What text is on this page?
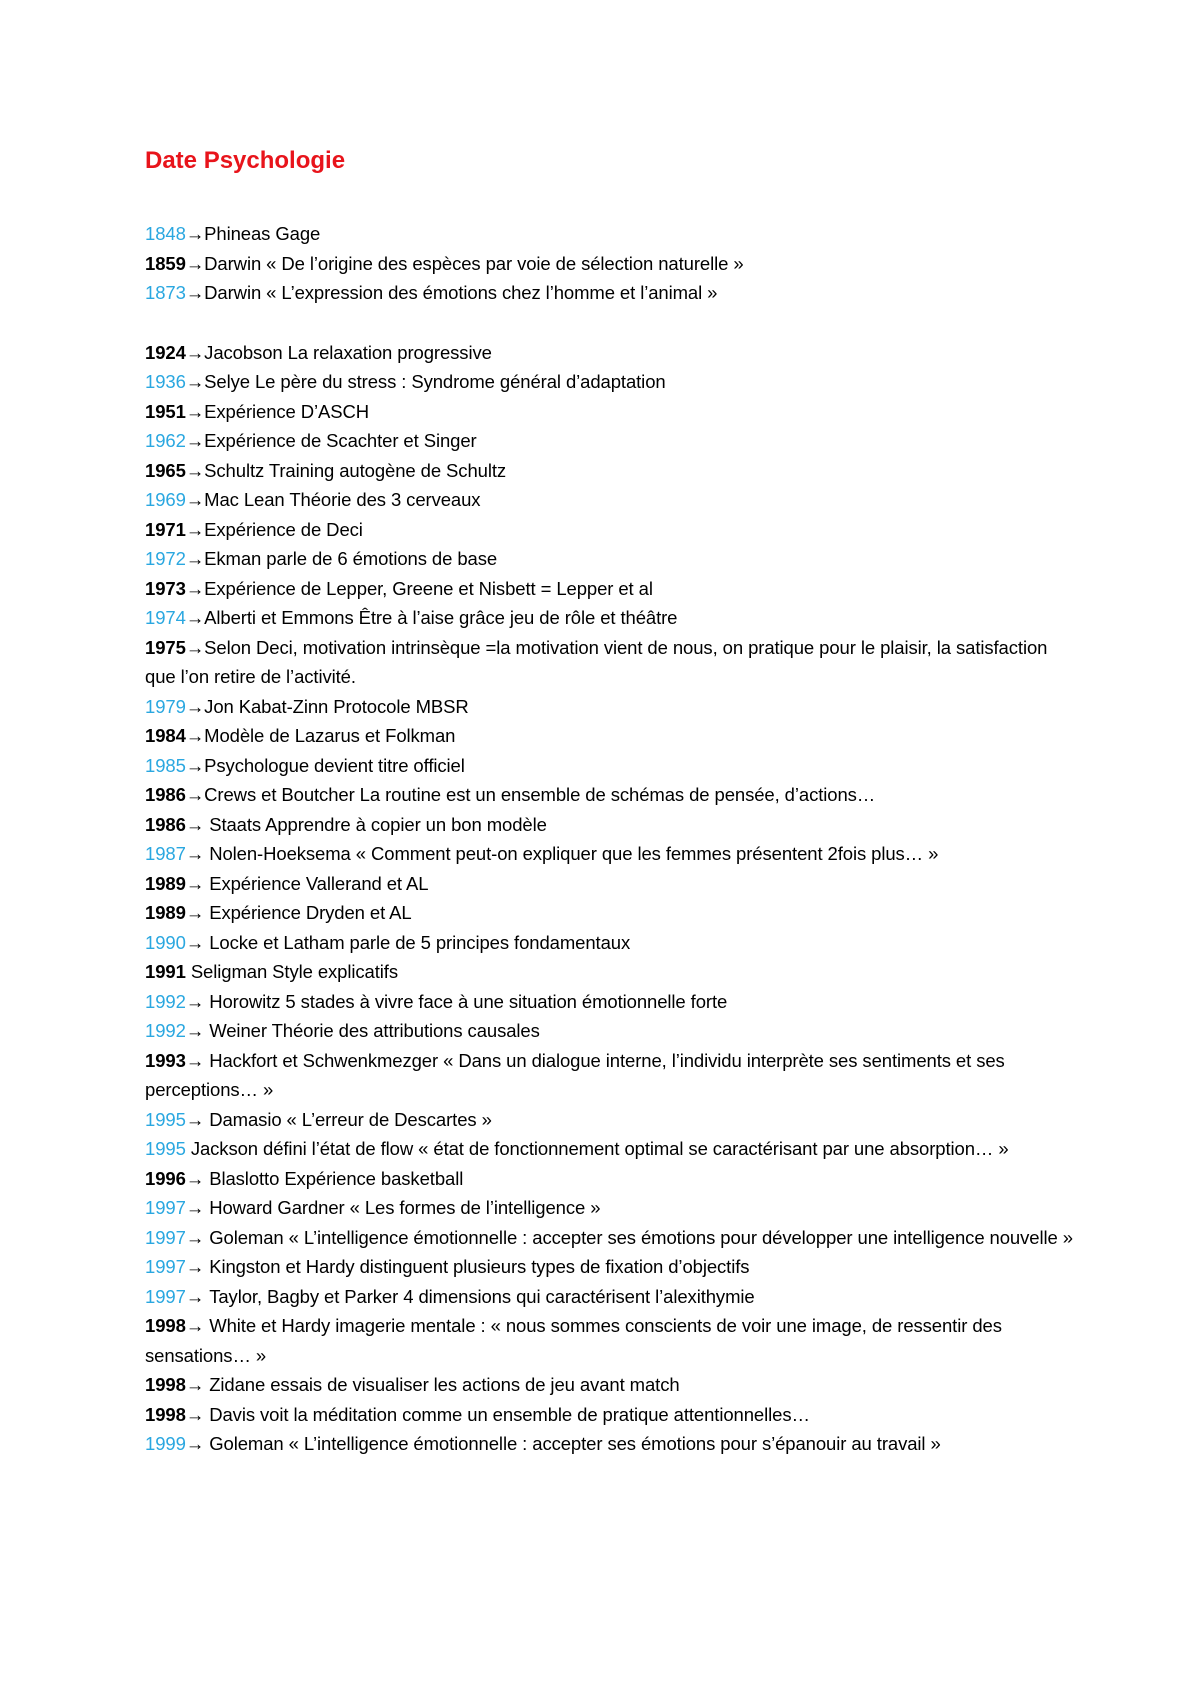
Date Psychologie
1848→Phineas Gage
1859→Darwin « De l’origine des espèces par voie de sélection naturelle »
1873→Darwin « L’expression des émotions chez l’homme et l’animal »
1924→Jacobson La relaxation progressive
1936→Selye Le père du stress : Syndrome général d’adaptation
1951→Expérience D’ASCH
1962→Expérience de Scachter et Singer
1965→Schultz Training autogène de Schultz
1969→Mac Lean Théorie des 3 cerveaux
1971→Expérience de Deci
1972→Ekman parle de 6 émotions de base
1973→Expérience de Lepper, Greene et Nisbett = Lepper et al
1974→Alberti et Emmons Être à l’aise grâce jeu de rôle et théâtre
1975→Selon Deci, motivation intrinsèque =la motivation vient de nous, on pratique pour le plaisir, la satisfaction que l’on retire de l’activité.
1979→Jon Kabat-Zinn Protocole MBSR
1984→Modèle de Lazarus et Folkman
1985→Psychologue devient titre officiel
1986→Crews et Boutcher La routine est un ensemble de schémas de pensée, d’actions…
1986→ Staats Apprendre à copier un bon modèle
1987→ Nolen-Hoeksema « Comment peut-on expliquer que les femmes présentent 2fois plus… »
1989→ Expérience Vallerand et AL
1989→ Expérience Dryden et AL
1990→ Locke et Latham parle de 5 principes fondamentaux
1991 Seligman Style explicatifs
1992→ Horowitz 5 stades à vivre face à une situation émotionnelle forte
1992→ Weiner Théorie des attributions causales
1993→ Hackfort et Schwenkmezger « Dans un dialogue interne, l’individu interprète ses sentiments et ses perceptions… »
1995→ Damasio « L’erreur de Descartes »
1995 Jackson défini l’état de flow « état de fonctionnement optimal se caractérisant par une absorption… »
1996→ Blaslotto Expérience basketball
1997→ Howard Gardner « Les formes de l’intelligence »
1997→ Goleman « L’intelligence émotionnelle : accepter ses émotions pour développer une intelligence nouvelle »
1997→ Kingston et Hardy distinguent plusieurs types de fixation d’objectifs
1997→ Taylor, Bagby et Parker 4 dimensions qui caractérisent l’alexithymie
1998→ White et Hardy imagerie mentale : « nous sommes conscients de voir une image, de ressentir des sensations… »
1998→ Zidane essais de visualiser les actions de jeu avant match
1998→ Davis voit la méditation comme un ensemble de pratique attentionnelles…
1999→ Goleman « L’intelligence émotionnelle : accepter ses émotions pour s’épanouir au travail »
